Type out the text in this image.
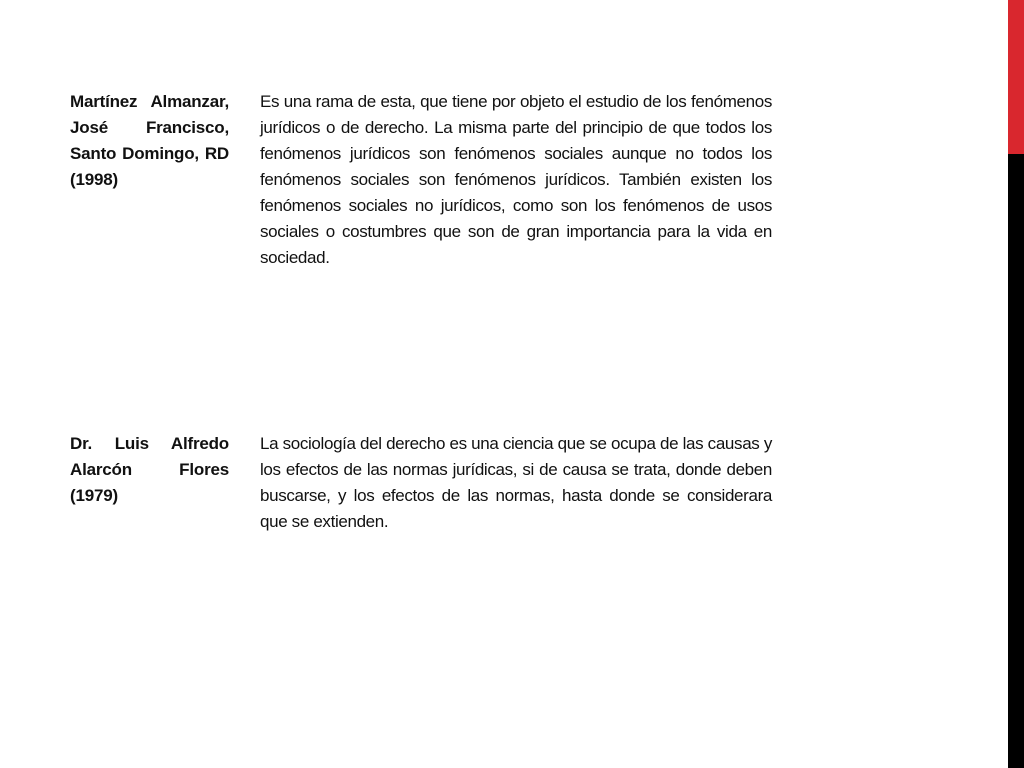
Martínez Almanzar, José Francisco, Santo Domingo, RD (1998)
Es una rama de esta, que tiene por objeto el estudio de los fenómenos jurídicos o de derecho. La misma parte del principio de que todos los fenómenos jurídicos son fenómenos sociales aunque no todos los fenómenos sociales son fenómenos jurídicos. También existen los fenómenos sociales no jurídicos, como son los fenómenos de usos sociales o costumbres que son de gran importancia para la vida en sociedad.
Dr. Luis Alfredo Alarcón Flores (1979)
La sociología del derecho es una ciencia que se ocupa de las causas y los efectos de las normas jurídicas, si de causa se trata, donde deben buscarse, y los efectos de las normas, hasta donde se considerara que se extienden.
